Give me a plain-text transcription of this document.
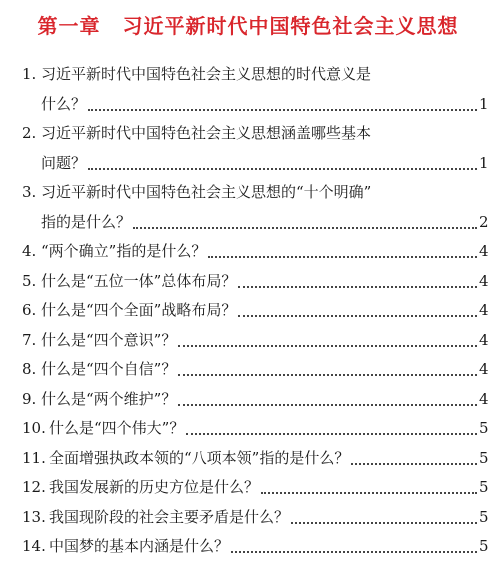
第一章 习近平新时代中国特色社会主义思想
1. 习近平新时代中国特色社会主义思想的时代意义是
什么？	1
2. 习近平新时代中国特色社会主义思想涵盖哪些基本
问题？	1
3. 习近平新时代中国特色社会主义思想的“十个明确”
指的是什么？	2
4. “两个确立”指的是什么？	4
5. 什么是“五位一体”总体布局？	4
6. 什么是“四个全面”战略布局？	4
7. 什么是“四个意识”？	4
8. 什么是“四个自信”？	4
9. 什么是“两个维护”？	4
10. 什么是“四个伟大”？	5
11. 全面增强执政本领的“八项本领”指的是什么？	5
12. 我国发展新的历史方位是什么？	5
13. 我国现阶段的社会主要矛盾是什么？	5
14. 中国梦的基本内涵是什么？	5
